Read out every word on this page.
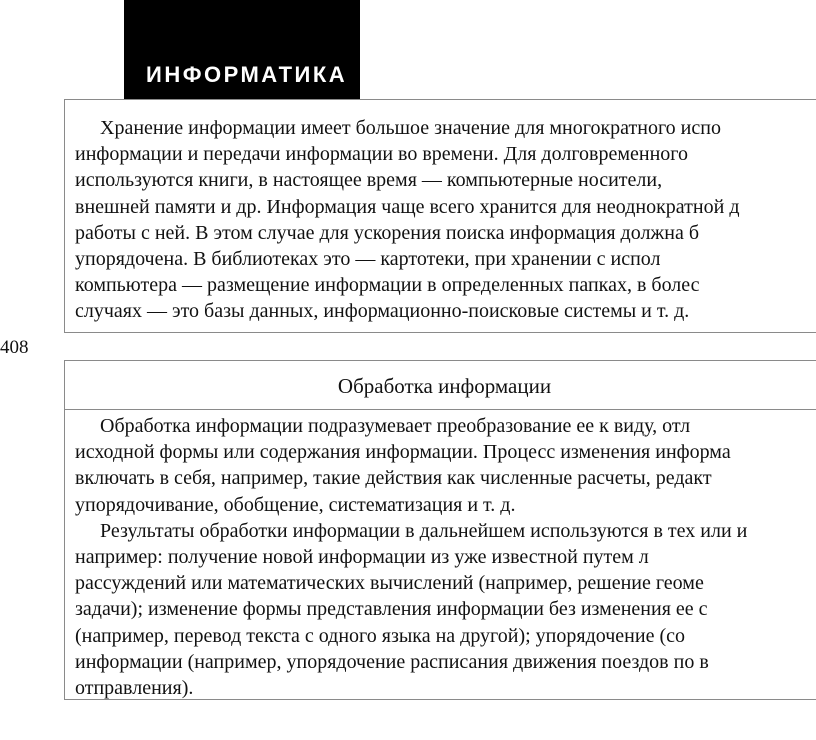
ИНФОРМАТИКА
Хранение информации имеет большое значение для многократного испо
информации и передачи информации во времени. Для долговременного
используются книги, в настоящее время — компьютерные носители,
внешней памяти и др. Информация чаще всего хранится для неоднократной д
работы с ней. В этом случае для ускорения поиска информация должна б
упорядочена. В библиотеках это — картотеки, при хранении с испол
компьютера — размещение информации в определенных папках, в болес
случаях — это базы данных, информационно-поисковые системы и т. д.
408
Обработка информации
Обработка информации подразумевает преобразование ее к виду, отл
исходной формы или содержания информации. Процесс изменения информа
включать в себя, например, такие действия как численные расчеты, редакт
упорядочивание, обобщение, систематизация и т. д.
Результаты обработки информации в дальнейшем используются в тех или и
например: получение новой информации из уже известной путем л
рассуждений или математических вычислений (например, решение геоме
задачи); изменение формы представления информации без изменения ее с
(например, перевод текста с одного языка на другой); упорядочение (со
информации (например, упорядочение расписания движения поездов по в
отправления).
